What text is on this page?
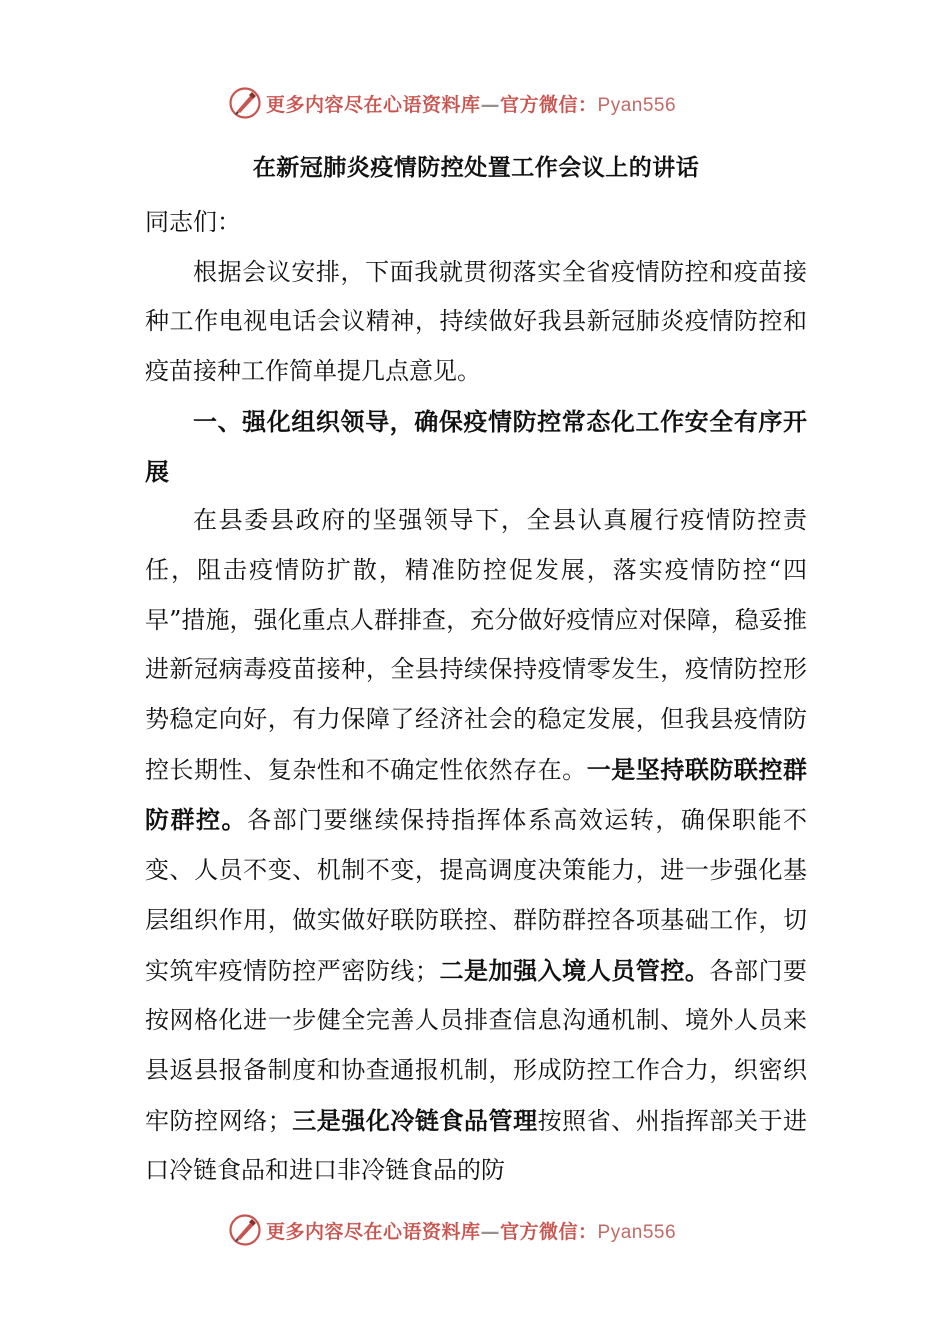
更多内容尽在心语资料库—官方微信：Pyan556
在新冠肺炎疫情防控处置工作会议上的讲话
同志们：

根据会议安排，下面我就贯彻落实全省疫情防控和疫苗接种工作电视电话会议精神，持续做好我县新冠肺炎疫情防控和疫苗接种工作简单提几点意见。

一、强化组织领导，确保疫情防控常态化工作安全有序开展

在县委县政府的坚强领导下，全县认真履行疫情防控责任，阻击疫情防扩散，精准防控促发展，落实疫情防控“四早”措施，强化重点人群排查，充分做好疫情应对保障，稳妥推进新冠病毒疫苗接种，全县持续保持疫情零发生，疫情防控形势稳定向好，有力保障了经济社会的稳定发展，但我县疫情防控长期性、复杂性和不确定性依然存在。一是坚持联防联控群防群控。各部门要继续保持指挥体系高效运转，确保职能不变、人员不变、机制不变，提高调度决策能力，进一步强化基层组织作用，做实做好联防联控、群防群控各项基础工作，切实筑牢疫情防控严密防线；二是加强入境人员管控。各部门要按网格化进一步健全完善人员排查信息沟通机制、境外人员来县返县报备制度和协查通报机制，形成防控工作合力，织密织牢防控网络；三是强化冷链食品管理按照省、州指挥部关于进口冷链食品和进口非冷链食品的防

更多内容尽在心语资料库—官方微信：Pyan556
